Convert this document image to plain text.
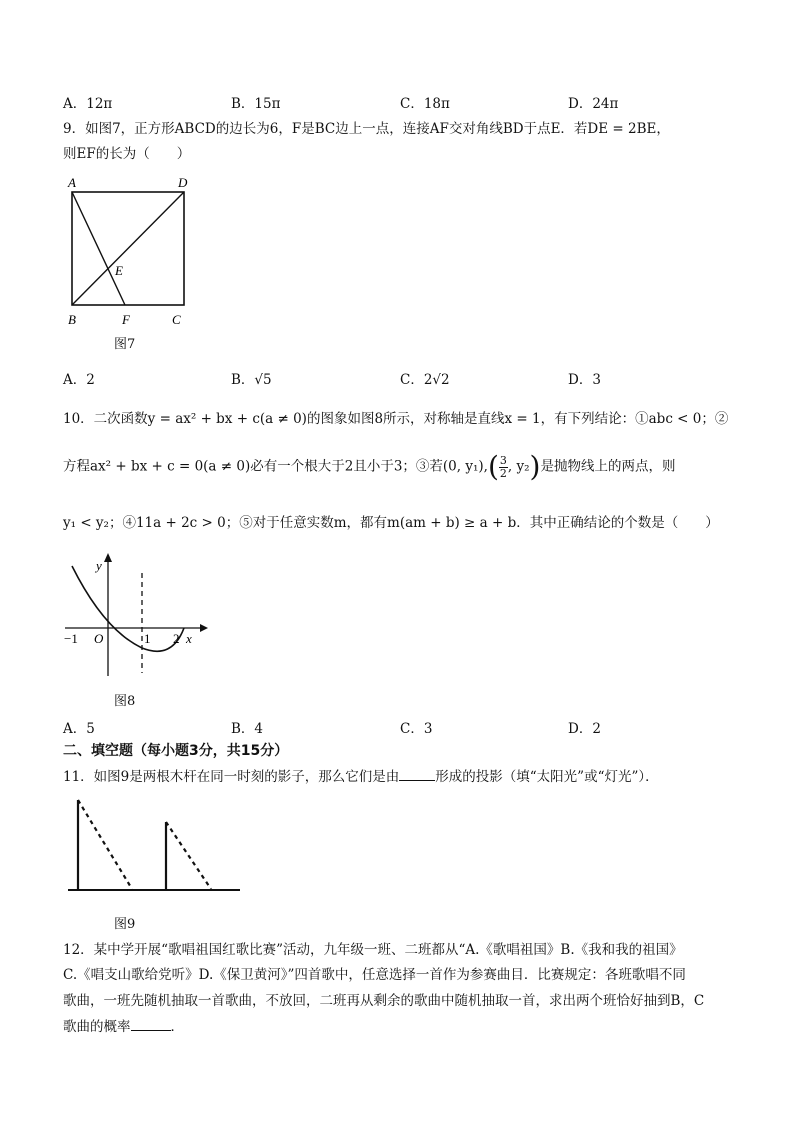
A．12π	B．15π	C．18π	D．24π
9．如图7，正方形ABCD的边长为6，F是BC边上一点，连接AF交对角线BD于点E．若DE = 2BE，
则EF的长为（　　）
A	D
E
B	F	C
图7
A．2	B．√5	C．2√2	D．3
10．二次函数y = ax² + bx + c(a ≠ 0)的图象如图8所示，对称轴是直线x = 1，有下列结论：①abc < 0；②
方程ax² + bx + c = 0(a ≠ 0)必有一个根大于2且小于3；③若(0, $y_1),( \frac{3}{2}$ , y₂)是抛物线上的两点，则
y₁ < y₂；④11a + 2c > 0；⑤对于任意实数m，都有m(am + b) ≥ a + b．其中正确结论的个数是（　　）
y
−1 O	1 2 x
图8
A．5	B．4	C．3	D．2
二、填空题（每小题3分，共15分）
11．如图9是两根木杆在同一时刻的影子，那么它们是由	形成的投影（填“太阳光”或“灯光”）．
图9
12．某中学开展“歌唱祖国红歌比赛”活动，九年级一班、二班都从“A.《歌唱祖国》B.《我和我的祖国》
C.《唱支山歌给党听》D.《保卫黄河》”四首歌中，任意选择一首作为参赛曲目．比赛规定：各班歌唱不同
歌曲，一班先随机抽取一首歌曲，不放回，二班再从剩余的歌曲中随机抽取一首，求出两个班恰好抽到B，C
歌曲的概率	．
